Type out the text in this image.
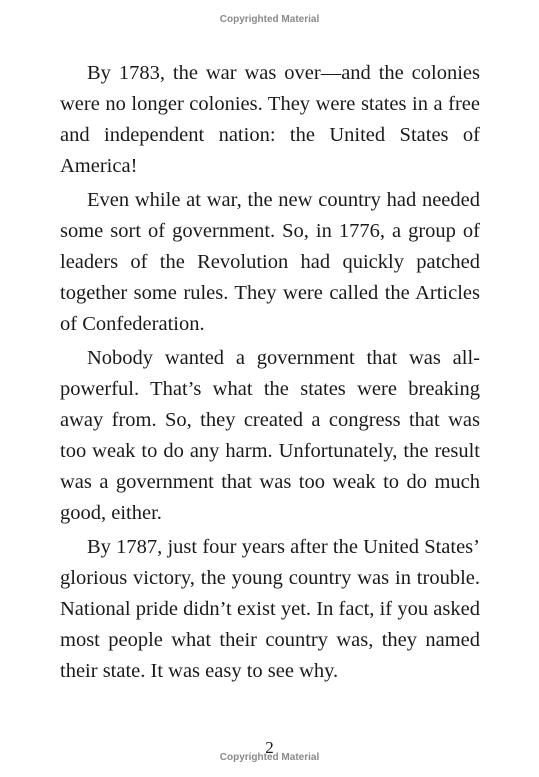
Copyrighted Material

By 1783, the war was over—and the colonies were no longer colonies. They were states in a free and independent nation: the United States of America!

Even while at war, the new country had needed some sort of government. So, in 1776, a group of leaders of the Revolution had quickly patched together some rules. They were called the Articles of Confederation.

Nobody wanted a government that was all-powerful. That’s what the states were breaking away from. So, they created a congress that was too weak to do any harm. Unfortunately, the result was a government that was too weak to do much good, either.

By 1787, just four years after the United States’ glorious victory, the young country was in trouble. National pride didn’t exist yet. In fact, if you asked most people what their country was, they named their state. It was easy to see why.

2
Copyrighted Material
